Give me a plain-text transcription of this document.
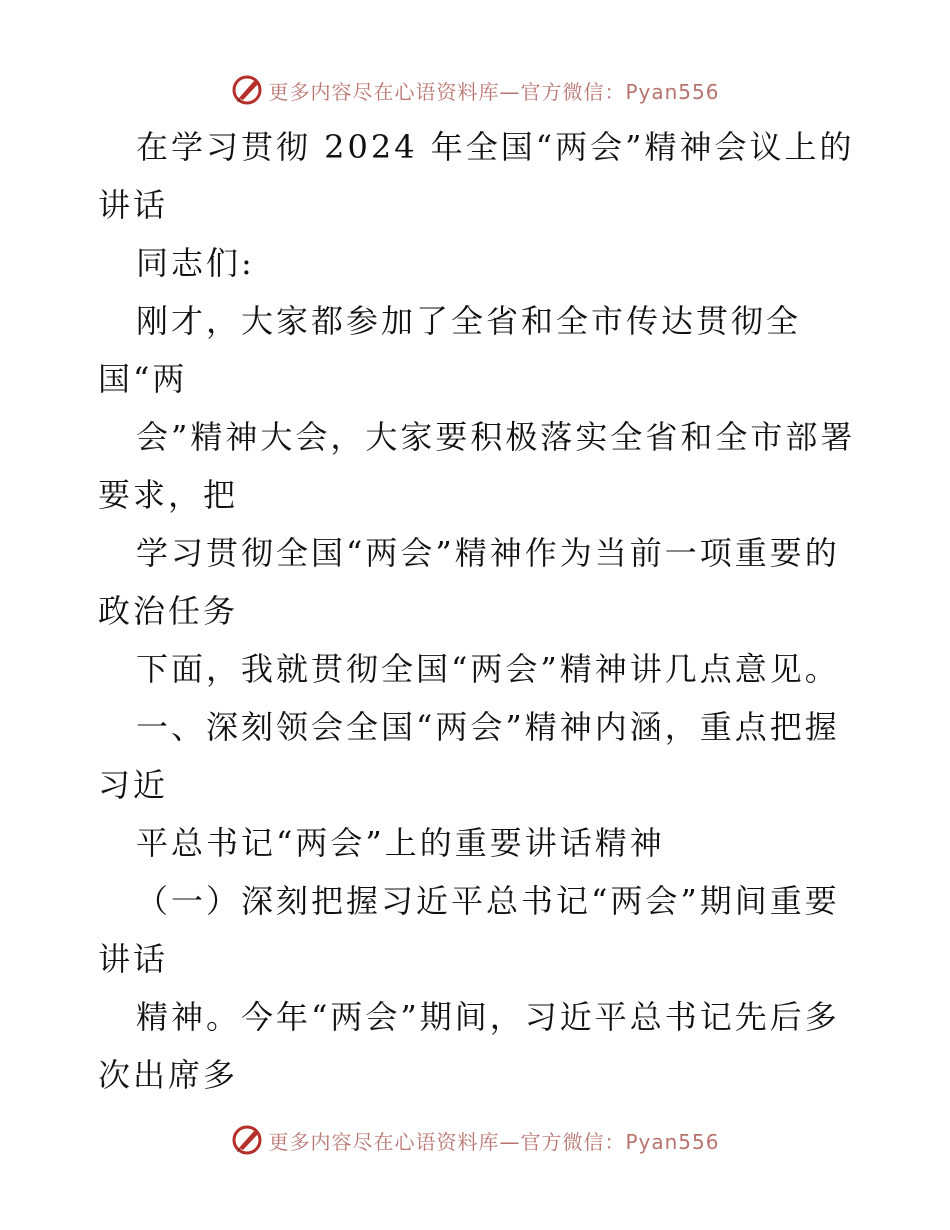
更多内容尽在心语资料库— 官方微信：Pyan556
在学习贯彻 2024 年全国“两会”精神会议上的
讲话
同志们:
刚才，大家都参加了全省和全市传达贯彻全
国“两
会”精神大会，大家要积极落实全省和全市部署
要求，把
学习贯彻全国“两会”精神作为当前一项重要的
政治任务
下面，我就贯彻全国“两会”精神讲几点意见。
一、深刻领会全国“两会”精神内涵，重点把握
习近
平总书记“两会”上的重要讲话精神
（一）深刻把握习近平总书记“两会”期间重要
讲话
精神。今年“两会”期间，习近平总书记先后多
次出席多
更多内容尽在心语资料库— 官方微信：Pyan556
